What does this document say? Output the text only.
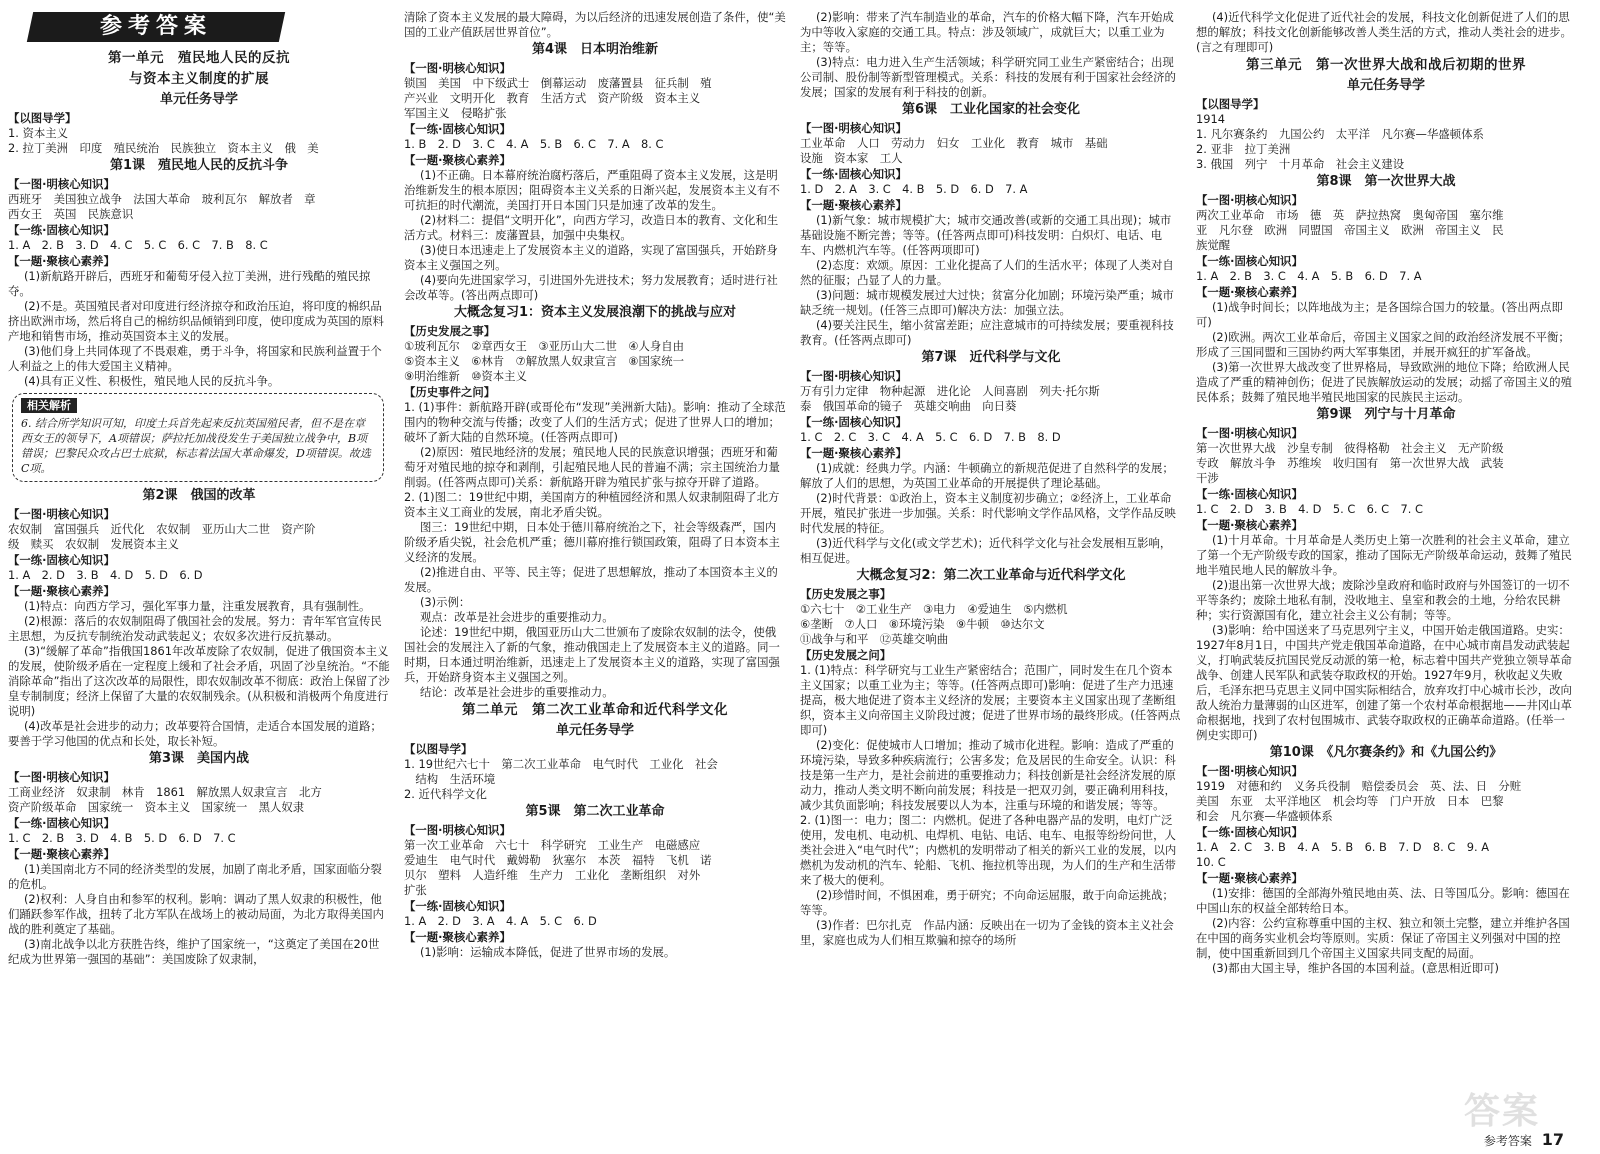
参考答案

第一单元　殖民地人民的反抗

与资本主义制度的扩展

单元任务导学

【以图导学】

1. 资本主义

2. 拉丁美洲　印度　殖民统治　民族独立　资本主义　俄　美

第1课　殖民地人民的反抗斗争

【一图·明核心知识】

西班牙　美国独立战争　法国大革命　玻利瓦尔　解放者　章

西女王　英国　民族意识

【一练·固核心知识】

1. A　2. B　3. D　4. C　5. C　6. C　7. B　8. C

【一题·聚核心素养】

(1)新航路开辟后，西班牙和葡萄牙侵入拉丁美洲，进行残酷的殖民掠夺。

(2)不是。英国殖民者对印度进行经济掠夺和政治压迫，将印度的棉织品挤出欧洲市场，然后将自己的棉纺织品倾销到印度，使印度成为英国的原料产地和销售市场，推动英国资本主义的发展。

(3)他们身上共同体现了不畏艰难，勇于斗争，将国家和民族利益置于个人利益之上的伟大爱国主义精神。

(4)具有正义性、积极性，殖民地人民的反抗斗争。

相关解析

6. 结合所学知识可知，印度土兵首先起来反抗英国殖民者，但不是在章西女王的领导下，A项错误；萨拉托加战役发生于美国独立战争中，B项错误；巴黎民众攻占巴士底狱，标志着法国大革命爆发，D项错误。故选C项。

第2课　俄国的改革

【一图·明核心知识】

农奴制　富国强兵　近代化　农奴制　亚历山大二世　资产阶

级　赎买　农奴制　发展资本主义

【一练·固核心知识】

1. A　2. D　3. B　4. D　5. D　6. D

【一题·聚核心素养】

(1)特点：向西方学习，强化军事力量，注重发展教育，具有强制性。

(2)根源：落后的农奴制阻碍了俄国社会的发展。努力：青年军官宣传民主思想，为反抗专制统治发动武装起义；农奴多次进行反抗暴动。

(3)“缓解了革命”指俄国1861年改革废除了农奴制，促进了俄国资本主义的发展，使阶级矛盾在一定程度上缓和了社会矛盾，巩固了沙皇统治。“不能消除革命”指出了这次改革的局限性，即农奴制改革不彻底：政治上保留了沙皇专制制度；经济上保留了大量的农奴制残余。(从积极和消极两个角度进行说明)

(4)改革是社会进步的动力；改革要符合国情，走适合本国发展的道路；要善于学习他国的优点和长处，取长补短。

第3课　美国内战

【一图·明核心知识】

工商业经济　奴隶制　林肯　1861　解放黑人奴隶宣言　北方

资产阶级革命　国家统一　资本主义　国家统一　黑人奴隶

【一练·固核心知识】

1. C　2. B　3. D　4. B　5. D　6. D　7. C

【一题·聚核心素养】

(1)美国南北方不同的经济类型的发展，加剧了南北矛盾，国家面临分裂的危机。

(2)权利：人身自由和参军的权利。影响：调动了黑人奴隶的积极性，他们踊跃参军作战，扭转了北方军队在战场上的被动局面，为北方取得美国内战的胜利奠定了基础。

(3)南北战争以北方获胜告终，维护了国家统一，“这奠定了美国在20世纪成为世界第一强国的基础”：美国废除了奴隶制，

清除了资本主义发展的最大障碍，为以后经济的迅速发展创造了条件，使“美国的工业产值跃居世界首位”。

第4课　日本明治维新

【一图·明核心知识】

锁国　美国　中下级武士　倒幕运动　废藩置县　征兵制　殖

产兴业　文明开化　教育　生活方式　资产阶级　资本主义

军国主义　侵略扩张

【一练·固核心知识】

1. B　2. D　3. C　4. A　5. B　6. C　7. A　8. C

【一题·聚核心素养】

(1)不正确。日本幕府统治腐朽落后，严重阻碍了资本主义发展，这是明治维新发生的根本原因；阻碍资本主义关系的日渐兴起，发展资本主义有不可抗拒的时代潮流，美国打开日本国门只是加速了改革的发生。

(2)材料二：提倡“文明开化”，向西方学习，改造日本的教育、文化和生活方式。材料三：废藩置县，加强中央集权。

(3)使日本迅速走上了发展资本主义的道路，实现了富国强兵，开始跻身资本主义强国之列。

(4)要向先进国家学习，引进国外先进技术；努力发展教育；适时进行社会改革等。(答出两点即可)

大概念复习1：资本主义发展浪潮下的挑战与应对

【历史发展之事】

①玻利瓦尔　②章西女王　③亚历山大二世　④人身自由

⑤资本主义　⑥林肯　⑦解放黑人奴隶宣言　⑧国家统一

⑨明治维新　⑩资本主义

【历史事件之问】

1. (1)事件：新航路开辟(或哥伦布“发现”美洲新大陆)。影响：推动了全球范围内的物种交流与传播；改变了人们的生活方式；促进了世界人口的增加；破坏了新大陆的自然环境。(任答两点即可)

(2)原因：殖民地经济的发展；殖民地人民的民族意识增强；西班牙和葡萄牙对殖民地的掠夺和剥削，引起殖民地人民的普遍不满；宗主国统治力量削弱。(任答两点即可)关系：新航路开辟为殖民扩张与掠夺开辟了道路。

2. (1)图二：19世纪中期，美国南方的种植园经济和黑人奴隶制阻碍了北方资本主义工商业的发展，南北矛盾尖锐。

图三：19世纪中期，日本处于德川幕府统治之下，社会等级森严，国内阶级矛盾尖锐，社会危机严重；德川幕府推行锁国政策，阻碍了日本资本主义经济的发展。

(2)推进自由、平等、民主等；促进了思想解放，推动了本国资本主义的发展。

(3)示例：

观点：改革是社会进步的重要推动力。

论述：19世纪中期，俄国亚历山大二世颁布了废除农奴制的法令，使俄国社会的发展注入了新的气象，推动俄国走上了发展资本主义的道路。同一时期，日本通过明治维新，迅速走上了发展资本主义的道路，实现了富国强兵，开始跻身资本主义强国之列。

结论：改革是社会进步的重要推动力。

第二单元　第二次工业革命和近代科学文化

单元任务导学

【以图导学】

1. 19世纪六七十　第二次工业革命　电气时代　工业化　社会

　结构　生活环境

2. 近代科学文化

第5课　第二次工业革命

【一图·明核心知识】

第一次工业革命　六七十　科学研究　工业生产　电磁感应

爱迪生　电气时代　戴姆勒　狄塞尔　本茨　福特　飞机　诺

贝尔　塑料　人造纤维　生产力　工业化　垄断组织　对外

扩张

【一练·固核心知识】

1. A　2. D　3. A　4. A　5. C　6. D

【一题·聚核心素养】

(1)影响：运输成本降低，促进了世界市场的发展。

(2)影响：带来了汽车制造业的革命，汽车的价格大幅下降，汽车开始成为中等收入家庭的交通工具。特点：涉及领域广，成就巨大；以重工业为主；等等。

(3)特点：电力进入生产生活领域；科学研究同工业生产紧密结合；出现公司制、股份制等新型管理模式。关系：科技的发展有利于国家社会经济的发展；国家的发展有利于科技的创新。

第6课　工业化国家的社会变化

【一图·明核心知识】

工业革命　人口　劳动力　妇女　工业化　教育　城市　基础

设施　资本家　工人

【一练·固核心知识】

1. D　2. A　3. C　4. B　5. D　6. D　7. A

【一题·聚核心素养】

(1)新气象：城市规模扩大；城市交通改善(或新的交通工具出现)；城市基础设施不断完善；等等。(任答两点即可)科技发明：白炽灯、电话、电车、内燃机汽车等。(任答两项即可)

(2)态度：欢颂。原因：工业化提高了人们的生活水平；体现了人类对自然的征服；凸显了人的力量。

(3)问题：城市规模发展过大过快；贫富分化加剧；环境污染严重；城市缺乏统一规划。(任答三点即可)解决方法：加强立法。

(4)要关注民生，缩小贫富差距；应注意城市的可持续发展；要重视科技教育。(任答两点即可)

第7课　近代科学与文化

【一图·明核心知识】

万有引力定律　物种起源　进化论　人间喜剧　列夫·托尔斯

泰　俄国革命的镜子　英雄交响曲　向日葵

【一练·固核心知识】

1. C　2. C　3. C　4. A　5. C　6. D　7. B　8. D

【一题·聚核心素养】

(1)成就：经典力学。内涵：牛顿确立的新规范促进了自然科学的发展；解放了人们的思想，为英国工业革命的开展提供了理论基础。

(2)时代背景：①政治上，资本主义制度初步确立；②经济上，工业革命开展，殖民扩张进一步加强。关系：时代影响文学作品风格，文学作品反映时代发展的特征。

(3)近代科学与文化(或文学艺术)；近代科学文化与社会发展相互影响，相互促进。

大概念复习2：第二次工业革命与近代科学文化

【历史发展之事】

①六七十　②工业生产　③电力　④爱迪生　⑤内燃机

⑥垄断　⑦人口　⑧环境污染　⑨牛顿　⑩达尔文

⑪战争与和平　⑫英雄交响曲

【历史发展之问】

1. (1)特点：科学研究与工业生产紧密结合；范围广，同时发生在几个资本主义国家；以重工业为主；等等。(任答两点即可)影响：促进了生产力迅速提高，极大地促进了资本主义经济的发展；主要资本主义国家出现了垄断组织，资本主义向帝国主义阶段过渡；促进了世界市场的最终形成。(任答两点即可)

(2)变化：促使城市人口增加；推动了城市化进程。影响：造成了严重的环境污染，导致多种疾病流行；公害多发；危及居民的生命安全。认识：科技是第一生产力，是社会前进的重要推动力；科技创新是社会经济发展的原动力，推动人类文明不断向前发展；科技是一把双刃剑，要正确利用科技，减少其负面影响；科技发展要以人为本，注重与环境的和谐发展；等等。

2. (1)图一：电力；图二：内燃机。促进了各种电器产品的发明，电灯广泛使用，发电机、电动机、电焊机、电钻、电话、电车、电报等纷纷问世，人类社会进入“电气时代”；内燃机的发明带动了相关的新兴工业的发展，以内燃机为发动机的汽车、轮船、飞机、拖拉机等出现，为人们的生产和生活带来了极大的便利。

(2)珍惜时间，不惧困难，勇于研究；不向命运屈服，敢于向命运挑战；等等。

(3)作者：巴尔扎克　作品内涵：反映出在一切为了金钱的资本主义社会里，家庭也成为人们相互欺骗和掠夺的场所

(4)近代科学文化促进了近代社会的发展，科技文化创新促进了人们的思想的解放；科技文化创新能够改善人类生活的方式，推动人类社会的进步。(言之有理即可)

第三单元　第一次世界大战和战后初期的世界

单元任务导学

【以图导学】

1914

1. 凡尔赛条约　九国公约　太平洋　凡尔赛—华盛顿体系

2. 亚非　拉丁美洲

3. 俄国　列宁　十月革命　社会主义建设

第8课　第一次世界大战

【一图·明核心知识】

两次工业革命　市场　德　英　萨拉热窝　奥匈帝国　塞尔维

亚　凡尔登　欧洲　同盟国　帝国主义　欧洲　帝国主义　民

族觉醒

【一练·固核心知识】

1. A　2. B　3. C　4. A　5. B　6. D　7. A

【一题·聚核心素养】

(1)战争时间长；以阵地战为主；是各国综合国力的较量。(答出两点即可)

(2)欧洲。两次工业革命后，帝国主义国家之间的政治经济发展不平衡；形成了三国同盟和三国协约两大军事集团，并展开疯狂的扩军备战。

(3)第一次世界大战改变了世界格局，导致欧洲的地位下降；给欧洲人民造成了严重的精神创伤；促进了民族解放运动的发展；动摇了帝国主义的殖民体系；鼓舞了殖民地半殖民地国家的民族民主运动。

第9课　列宁与十月革命

【一图·明核心知识】

第一次世界大战　沙皇专制　彼得格勒　社会主义　无产阶级

专政　解放斗争　苏维埃　收归国有　第一次世界大战　武装

干涉

【一练·固核心知识】

1. C　2. D　3. B　4. D　5. C　6. C　7. C

【一题·聚核心素养】

(1)十月革命。十月革命是人类历史上第一次胜利的社会主义革命，建立了第一个无产阶级专政的国家，推动了国际无产阶级革命运动，鼓舞了殖民地半殖民地人民的解放斗争。

(2)退出第一次世界大战；废除沙皇政府和临时政府与外国签订的一切不平等条约；废除土地私有制，没收地主、皇室和教会的土地，分给农民耕种；实行资源国有化，建立社会主义公有制；等等。

(3)影响：给中国送来了马克思列宁主义，中国开始走俄国道路。史实：1927年8月1日，中国共产党走俄国革命道路，在中心城市南昌发动武装起义，打响武装反抗国民党反动派的第一枪，标志着中国共产党独立领导革命战争、创建人民军队和武装夺取政权的开始。1927年9月，秋收起义失败后，毛泽东把马克思主义同中国实际相结合，放弃攻打中心城市长沙，改向敌人统治力量薄弱的山区进军，创建了第一个农村革命根据地——井冈山革命根据地，找到了农村包围城市、武装夺取政权的正确革命道路。(任举一例史实即可)

第10课　《凡尔赛条约》和《九国公约》

【一图·明核心知识】

1919　对德和约　义务兵役制　赔偿委员会　英、法、日　分赃

美国　东亚　太平洋地区　机会均等　门户开放　日本　巴黎

和会　凡尔赛—华盛顿体系

【一练·固核心知识】

1. A　2. C　3. B　4. A　5. B　6. B　7. D　8. C　9. A

10. C

【一题·聚核心素养】

(1)安排：德国的全部海外殖民地由英、法、日等国瓜分。影响：德国在中国山东的权益全部转给日本。

(2)内容：公约宣称尊重中国的主权、独立和领土完整，建立并维护各国在中国的商务实业机会均等原则。实质：保证了帝国主义列强对中国的控制，使中国重新回到几个帝国主义国家共同支配的局面。

(3)都由大国主导，维护各国的本国利益。(意思相近即可)

答案
参考答案 17
